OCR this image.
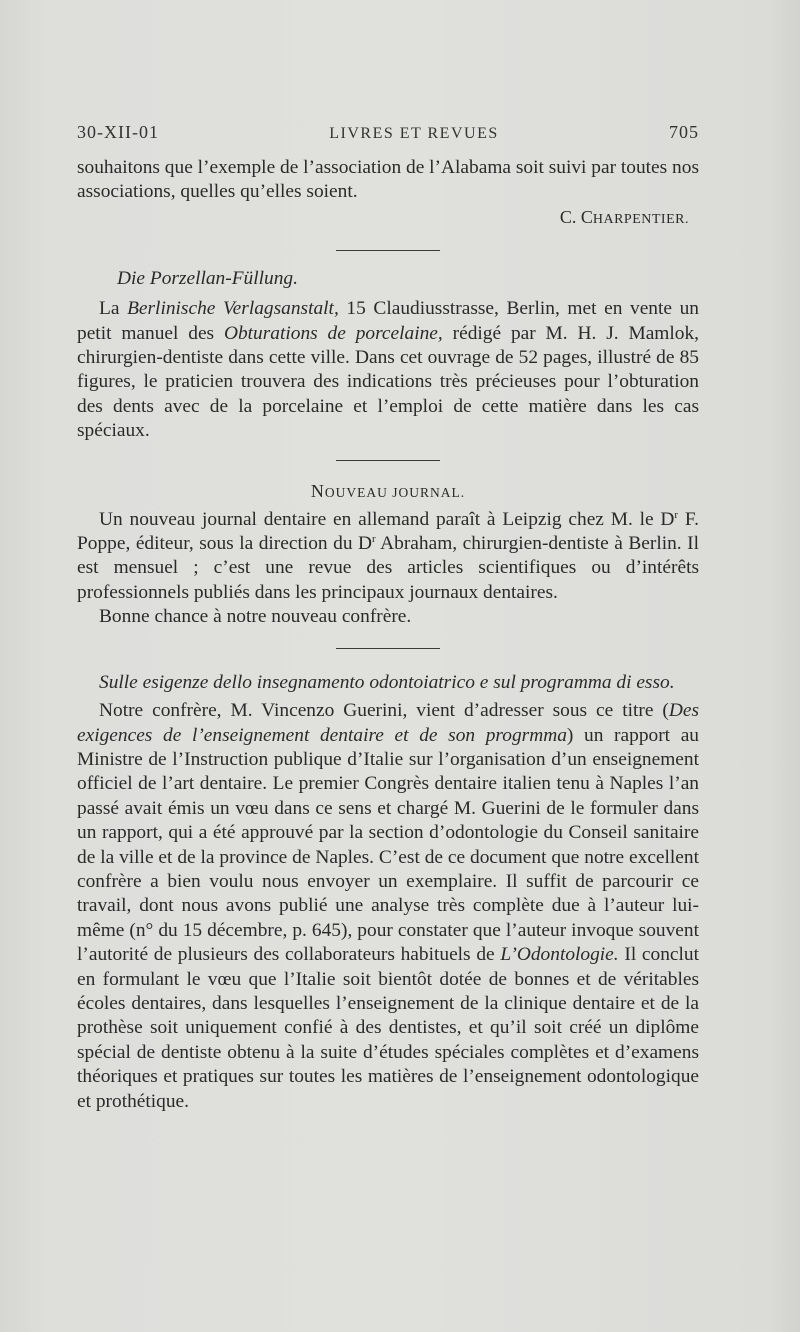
30-XII-01	LIVRES ET REVUES	705

souhaitons que l’exemple de l’association de l’Alabama soit suivi par toutes nos associations, quelles qu’elles soient.

C. CHARPENTIER.
Die Porzellan-Füllung.

La Berlinische Verlagsanstalt, 15 Claudiusstrasse, Berlin, met en vente un petit manuel des Obturations de porcelaine, rédigé par M. H. J. Mamlok, chirurgien-dentiste dans cette ville. Dans cet ouvrage de 52 pages, illustré de 85 figures, le praticien trouvera des indications très précieuses pour l’obturation des dents avec de la porcelaine et l’emploi de cette matière dans les cas spéciaux.

NOUVEAU JOURNAL.

Un nouveau journal dentaire en allemand paraît à Leipzig chez M. le $D^r$ F. Poppe, éditeur, sous la direction du $D^r$ Abraham, chirurgien-dentiste à Berlin. Il est mensuel ; c’est une revue des articles scientifiques ou d’intérêts professionnels publiés dans les principaux journaux dentaires.

Bonne chance à notre nouveau confrère.

Sulle esigenze dello insegnamento odontoiatrico e sul programma di esso.

Notre confrère, M. Vincenzo Guerini, vient d’adresser sous ce titre (Des exigences de l’enseignement dentaire et de son progrmma) un rapport au Ministre de l’Instruction publique d’Italie sur l’organisation d’un enseignement officiel de l’art dentaire. Le premier Congrès dentaire italien tenu à Naples l’an passé avait émis un vœu dans ce sens et chargé M. Guerini de le formuler dans un rapport, qui a été approuvé par la section d’odontologie du Conseil sanitaire de la ville et de la province de Naples. C’est de ce document que notre excellent confrère a bien voulu nous envoyer un exemplaire. Il suffit de parcourir ce travail, dont nous avons publié une analyse très complète due à l’auteur lui-même (n° du 15 décembre, p. 645), pour constater que l’auteur invoque souvent l’autorité de plusieurs des collaborateurs habituels de L’Odontologie. Il conclut en formulant le vœu que l’Italie soit bientôt dotée de bonnes et de véritables écoles dentaires, dans lesquelles l’enseignement de la clinique dentaire et de la prothèse soit uniquement confié à des dentistes, et qu’il soit créé un diplôme spécial de dentiste obtenu à la suite d’études spéciales complètes et d’examens théoriques et pratiques sur toutes les matières de l’enseignement odontologique et prothétique.
